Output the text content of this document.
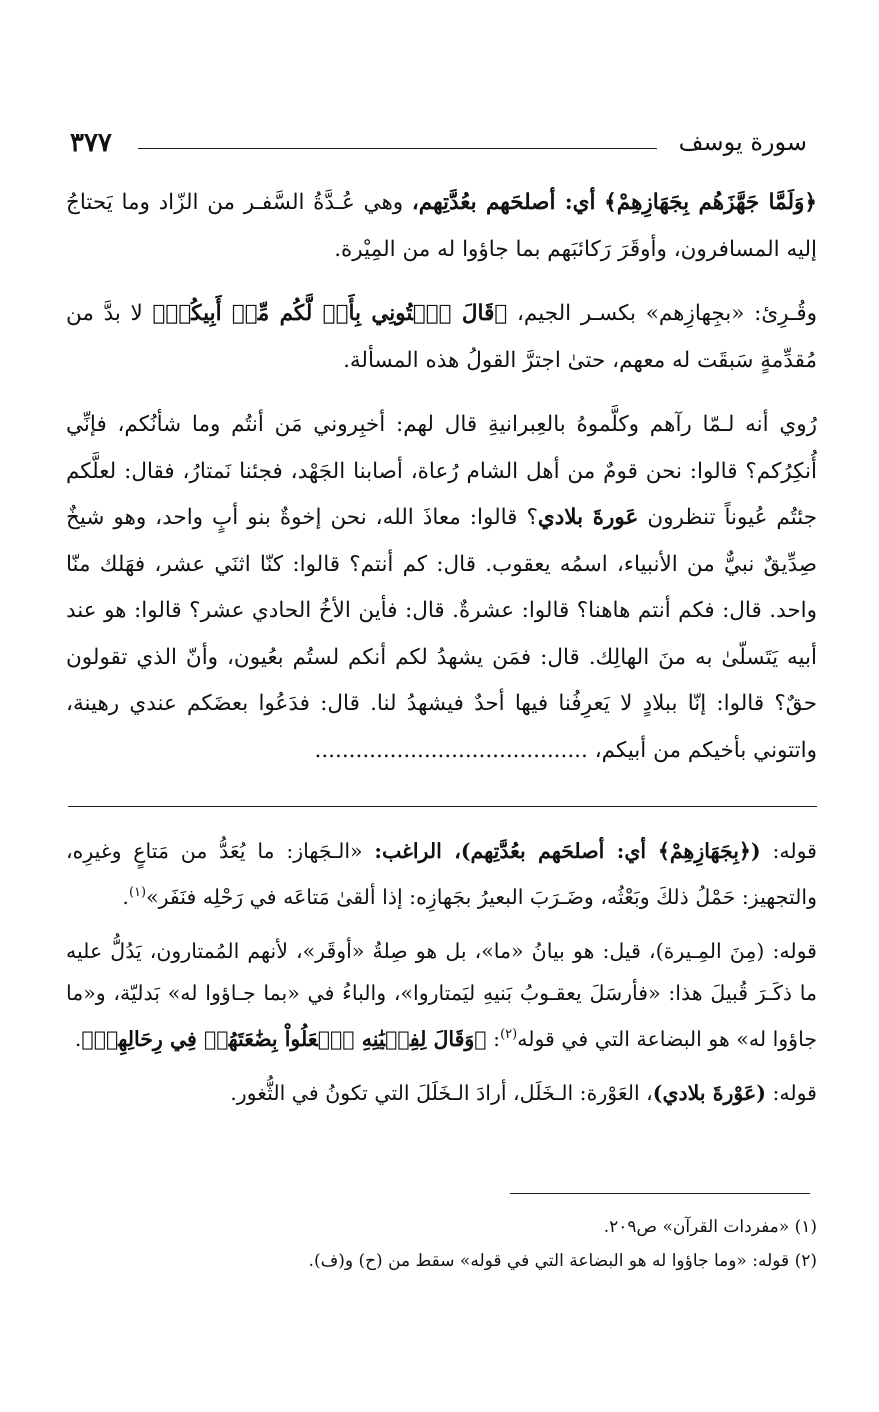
سورة يوسف
٣٧٧

﴿وَلَمَّا جَهَّزَهُم بِجَهَازِهِمْ﴾ أي: أصلحَهم بعُدَّتِهم، وهي عُـدَّةُ السَّفـر من الزّاد وما يَحتاجُ إليه المسافرون، وأوقَرَ رَكائبَهم بما جاؤوا له من المِيْرة.

وقُـرِئ: «بجِهازِهم» بكسـر الجيم، ﴿قَالَ ٱئۡتُونِي بِأَخٖ لَّكُم مِّنۡ أَبِيكُمۡ﴾ لا بدَّ من مُقدِّمةٍ سَبقَت له معهم، حتىٰ اجترَّ القولُ هذه المسألة.

رُوي أنه لـمّا رآهم وكلَّموهُ بالعِبرانيةِ قال لهم: أخبِروني مَن أنتُم وما شأنُكم، فإنِّي أُنكِرُكم؟ قالوا: نحن قومٌ من أهل الشام رُعاة، أصابنا الجَهْد، فجئنا نَمتارُ، فقال: لعلَّكم جئتُم عُيوناً تنظرون عَورةَ بلادي؟ قالوا: معاذَ الله، نحن إخوةٌ بنو أبٍ واحد، وهو شيخٌ صِدِّيقٌ نبيٌّ من الأنبياء، اسمُه يعقوب. قال: كم أنتم؟ قالوا: كنّا اثنَي عشر، فهَلك منّا واحد. قال: فكم أنتم هاهنا؟ قالوا: عشرةٌ. قال: فأين الأخُ الحادي عشر؟ قالوا: هو عند أبيه يَتَسلّىٰ به منَ الهالِك. قال: فمَن يشهدُ لكم أنكم لستُم بعُيون، وأنّ الذي تقولون حقٌ؟ قالوا: إنّا ببلادٍ لا يَعرِفُنا فيها أحدٌ فيشهدُ لنا. قال: فدَعُوا بعضَكم عندي رهينة، واتتوني بأخيكم من أبيكم، ........................................

قوله: (﴿بِجَهَازِهِمْ﴾ أي: أصلحَهم بعُدَّتِهم)، الراغب: «الـجَهاز: ما يُعَدُّ من مَتاعٍ وغيرِه، والتجهيز: حَمْلُ ذلكَ وبَعْثُه، وضَـرَبَ البعيرُ بجَهازِه: إذا ألقىٰ مَتاعَه في رَحْلِه فنَفَر»$^{(١)}$.

قوله: (مِنَ المِـيرة)، قيل: هو بيانُ «ما»، بل هو صِلةُ «أوقَر»، لأنهم المُمتارون، يَدُلُّ عليه ما ذكَـرَ قُبيلَ هذا: «فأرسَلَ يعقـوبُ بَنيهِ ليَمتاروا»، والباءُ في «بما جـاؤوا له» بَدليّة، و«ما جاؤوا له» هو البضاعة التي في قوله$^{(٢)}$: ﴿وَقَالَ لِفِتۡيَٰنِهِ ٱجۡعَلُواْ بِضَٰعَتَهُمۡ فِي رِحَالِهِمۡ﴾.

قوله: (عَوْرةَ بلادي)، العَوْرة: الـخَلَل، أرادَ الـخَلَلَ التي تكونُ في الثُّغور.

(١) «مفردات القرآن» ص٢٠٩.

(٢) قوله: «وما جاؤوا له هو البضاعة التي في قوله» سقط من (ح) و(ف).
